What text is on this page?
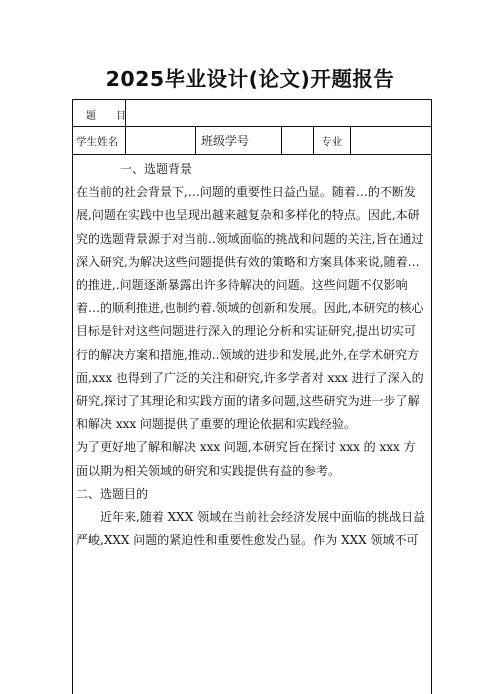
2025毕业设计(论文)开题报告
题　　目
学生姓名	班级学号	专业

一、选题背景

在当前的社会背景下,…问题的重要性日益凸显。随着…的不断发展,问题在实践中也呈现出越来越复杂和多样化的特点。因此,本研究的选题背景源于对当前..领域面临的挑战和问题的关注,旨在通过深入研究,为解决这些问题提供有效的策略和方案具体来说,随着…的推进,.问题逐渐暴露出许多待解决的问题。这些问题不仅影响着…的顺利推进,也制约着.领域的创新和发展。因此,本研究的核心目标是针对这些问题进行深入的理论分析和实证研究,提出切实可行的解决方案和措施,推动..领域的进步和发展,此外,在学术研究方面,xxx 也得到了广泛的关注和研究,许多学者对 xxx 进行了深入的研究,探讨了其理论和实践方面的诸多问题,这些研究为进一步了解和解决 xxx 问题提供了重要的理论依据和实践经验。

为了更好地了解和解决 xxx 问题,本研究旨在探讨 xxx 的 xxx 方面以期为相关领域的研究和实践提供有益的参考。

二、选题目的

近年来,随着 XXX 领域在当前社会经济发展中面临的挑战日益严峻,XXX 问题的紧迫性和重要性愈发凸显。作为 XXX 领域不可
